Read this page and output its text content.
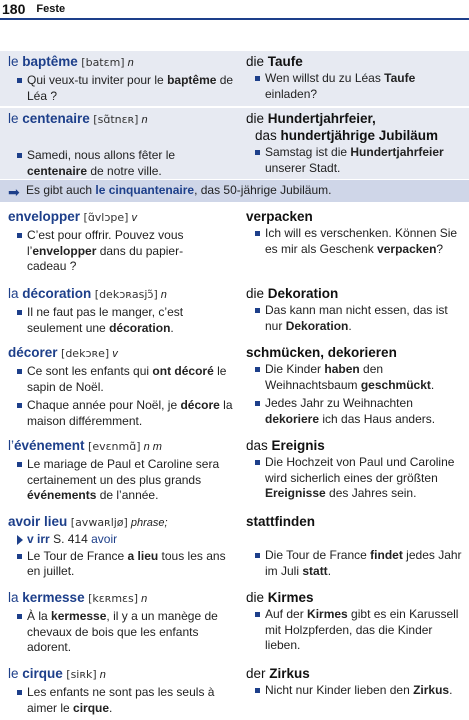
180 Feste
le baptême [batɛm] n
Qui veux-tu inviter pour le baptême de Léa ?
die Taufe
Wen willst du zu Léas Taufe einladen?
le centenaire [sɑ̃tnɛʀ] n
Samedi, nous allons fêter le centenaire de notre ville.
die Hundertjahrfeier,
das hundertjährige Jubiläum
Samstag ist die Hundertjahrfeier unserer Stadt.
➡ Es gibt auch le cinquantenaire, das 50-jährige Jubiläum.
envelopper [ɑ̃vlɔpe] v
C’est pour offrir. Pouvez vous l’envelopper dans du papier-cadeau ?
verpacken
Ich will es verschenken. Können Sie es mir als Geschenk verpacken?
la décoration [dekɔʀasjɔ̃] n
Il ne faut pas le manger, c’est seulement une décoration.
die Dekoration
Das kann man nicht essen, das ist nur Dekoration.
décorer [dekɔʀe] v
Ce sont les enfants qui ont décoré le sapin de Noël.
Chaque année pour Noël, je décore la maison différemment.
schmücken, dekorieren
Die Kinder haben den Weihnachtsbaum geschmückt.
Jedes Jahr zu Weihnachten dekoriere ich das Haus anders.
l’événement [evɛnmɑ̃] n m
Le mariage de Paul et Caroline sera certainement un des plus grands événements de l’année.
das Ereignis
Die Hochzeit von Paul und Caroline wird sicherlich eines der größten Ereignisse des Jahres sein.
avoir lieu [avwaʀljø] phrase;
v irr S. 414 avoir
Le Tour de France a lieu tous les ans en juillet.
stattfinden
Die Tour de France findet jedes Jahr im Juli statt.
la kermesse [kɛʀmɛs] n
À la kermesse, il y a un manège de chevaux de bois que les enfants adorent.
die Kirmes
Auf der Kirmes gibt es ein Karussell mit Holzpferden, das die Kinder lieben.
le cirque [siʀk] n
Les enfants ne sont pas les seuls à aimer le cirque.
der Zirkus
Nicht nur Kinder lieben den Zirkus.
